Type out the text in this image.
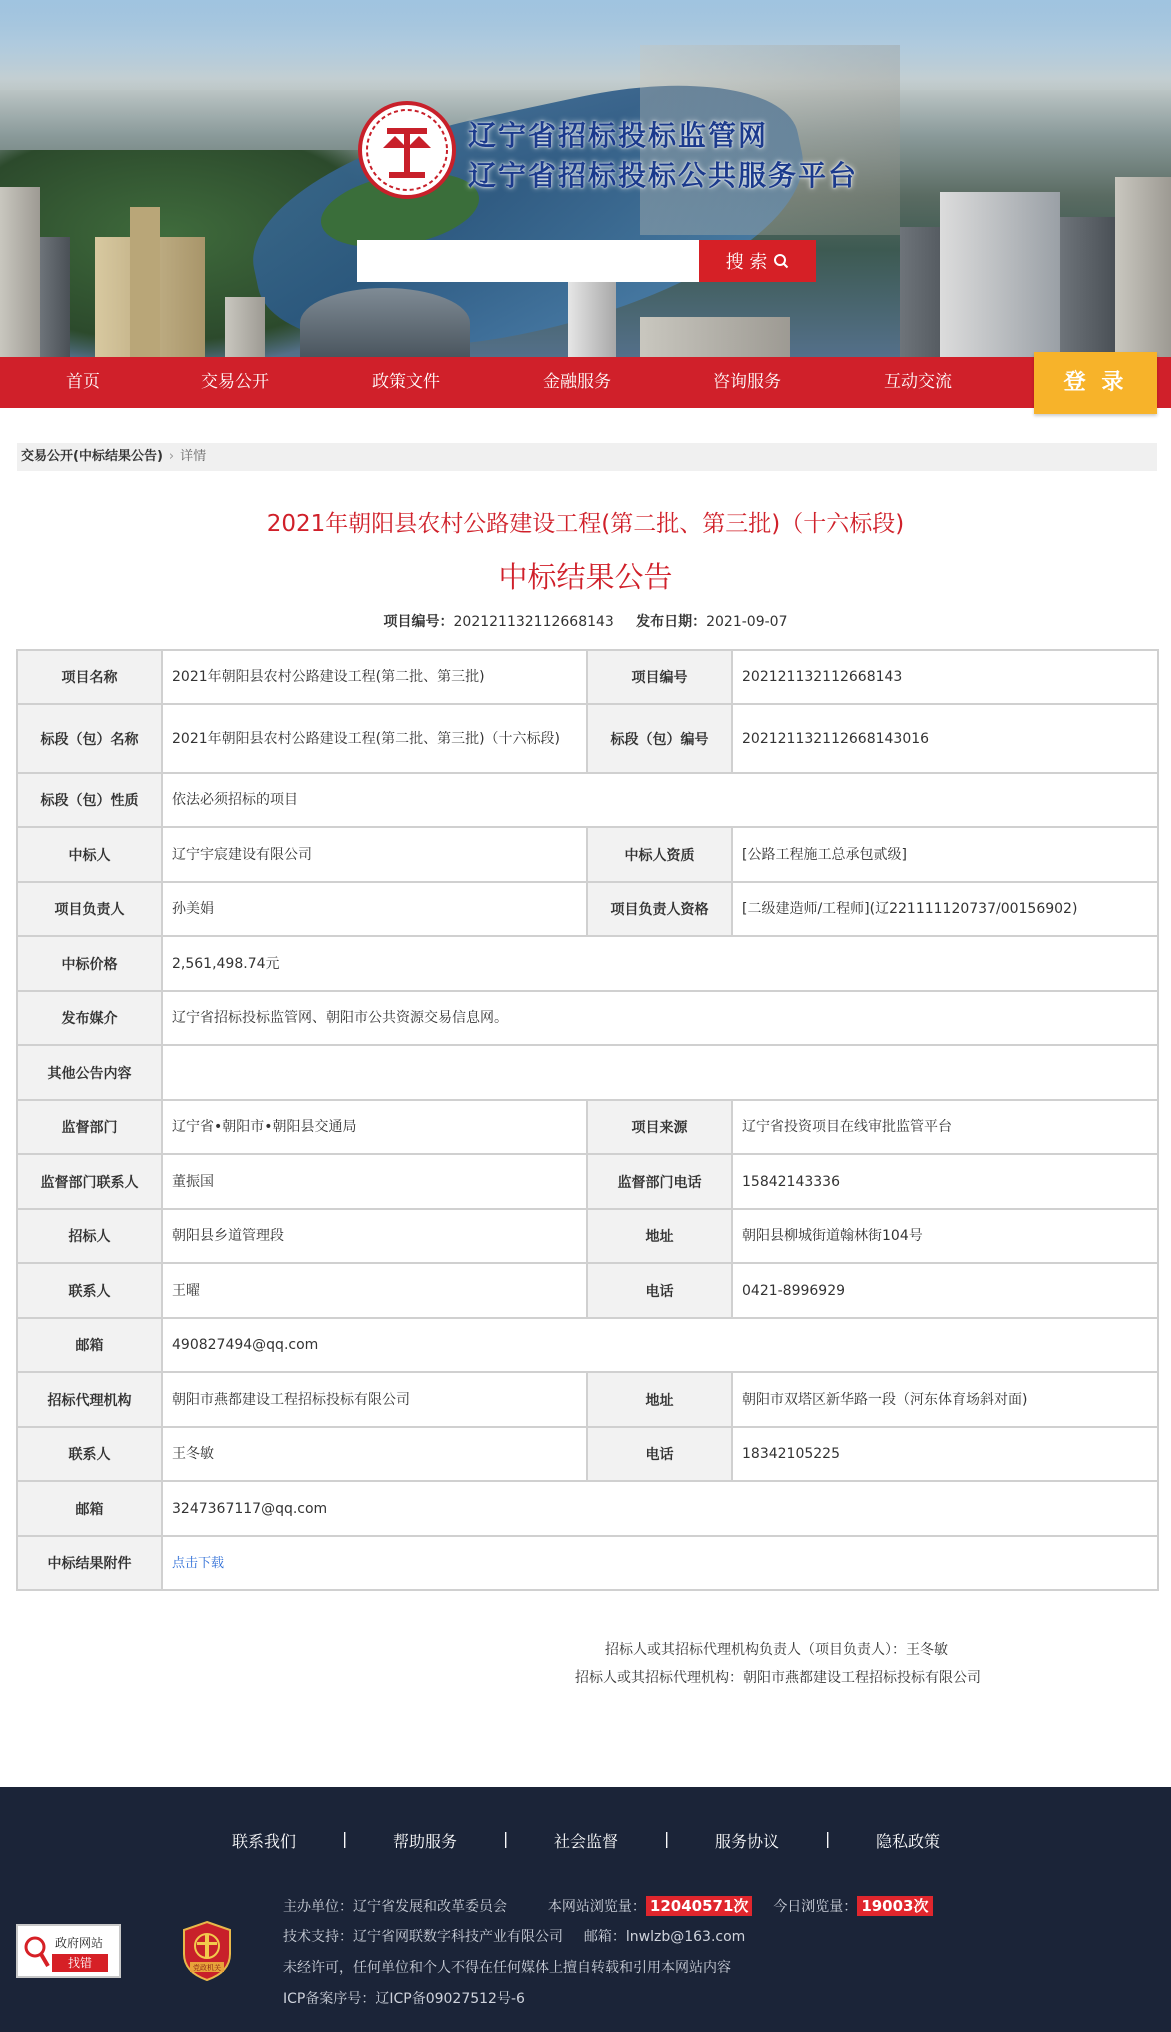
辽宁省招标投标监管网
辽宁省招标投标公共服务平台
搜 索
首页	交易公开	政策文件	金融服务	咨询服务	互动交流	登 录
交易公开(中标结果公告) › 详情
2021年朝阳县农村公路建设工程(第二批、第三批)（十六标段)
中标结果公告
项目编号：202121132112668143 发布日期：2021-09-07
项目名称	2021年朝阳县农村公路建设工程(第二批、第三批)	项目编号	202121132112668143
标段（包）名称	2021年朝阳县农村公路建设工程(第二批、第三批)（十六标段)	标段（包）编号	202121132112668143016
标段（包）性质	依法必须招标的项目		
中标人	辽宁宇宸建设有限公司	中标人资质	[公路工程施工总承包贰级]
项目负责人	孙美娟	项目负责人资格	[二级建造师/工程师](辽221111120737/00156902)
中标价格	2,561,498.74元		
发布媒介	辽宁省招标投标监管网、朝阳市公共资源交易信息网。		
其他公告内容			
监督部门	辽宁省•朝阳市•朝阳县交通局	项目来源	辽宁省投资项目在线审批监管平台
监督部门联系人	董振国	监督部门电话	15842143336
招标人	朝阳县乡道管理段	地址	朝阳县柳城街道翰林街104号
联系人	王曜	电话	0421-8996929
邮箱	490827494@qq.com		
招标代理机构	朝阳市燕都建设工程招标投标有限公司	地址	朝阳市双塔区新华路一段（河东体育场斜对面)
联系人	王冬敏	电话	18342105225
邮箱	3247367117@qq.com		
中标结果附件	点击下载		
招标人或其招标代理机构负责人（项目负责人）：王冬敏
招标人或其招标代理机构：朝阳市燕都建设工程招标投标有限公司
联系我们	|	帮助服务	|	社会监督	|	服务协议	|	隐私政策
主办单位：辽宁省发展和改革委员会	本网站浏览量： 12040571次 今日浏览量： 19003次
技术支持：辽宁省网联数字科技产业有限公司 邮箱：lnwlzb@163.com
未经许可，任何单位和个人不得在任何媒体上擅自转载和引用本网站内容
ICP备案序号：辽ICP备09027512号-6
政府网站
找错	党政机关
